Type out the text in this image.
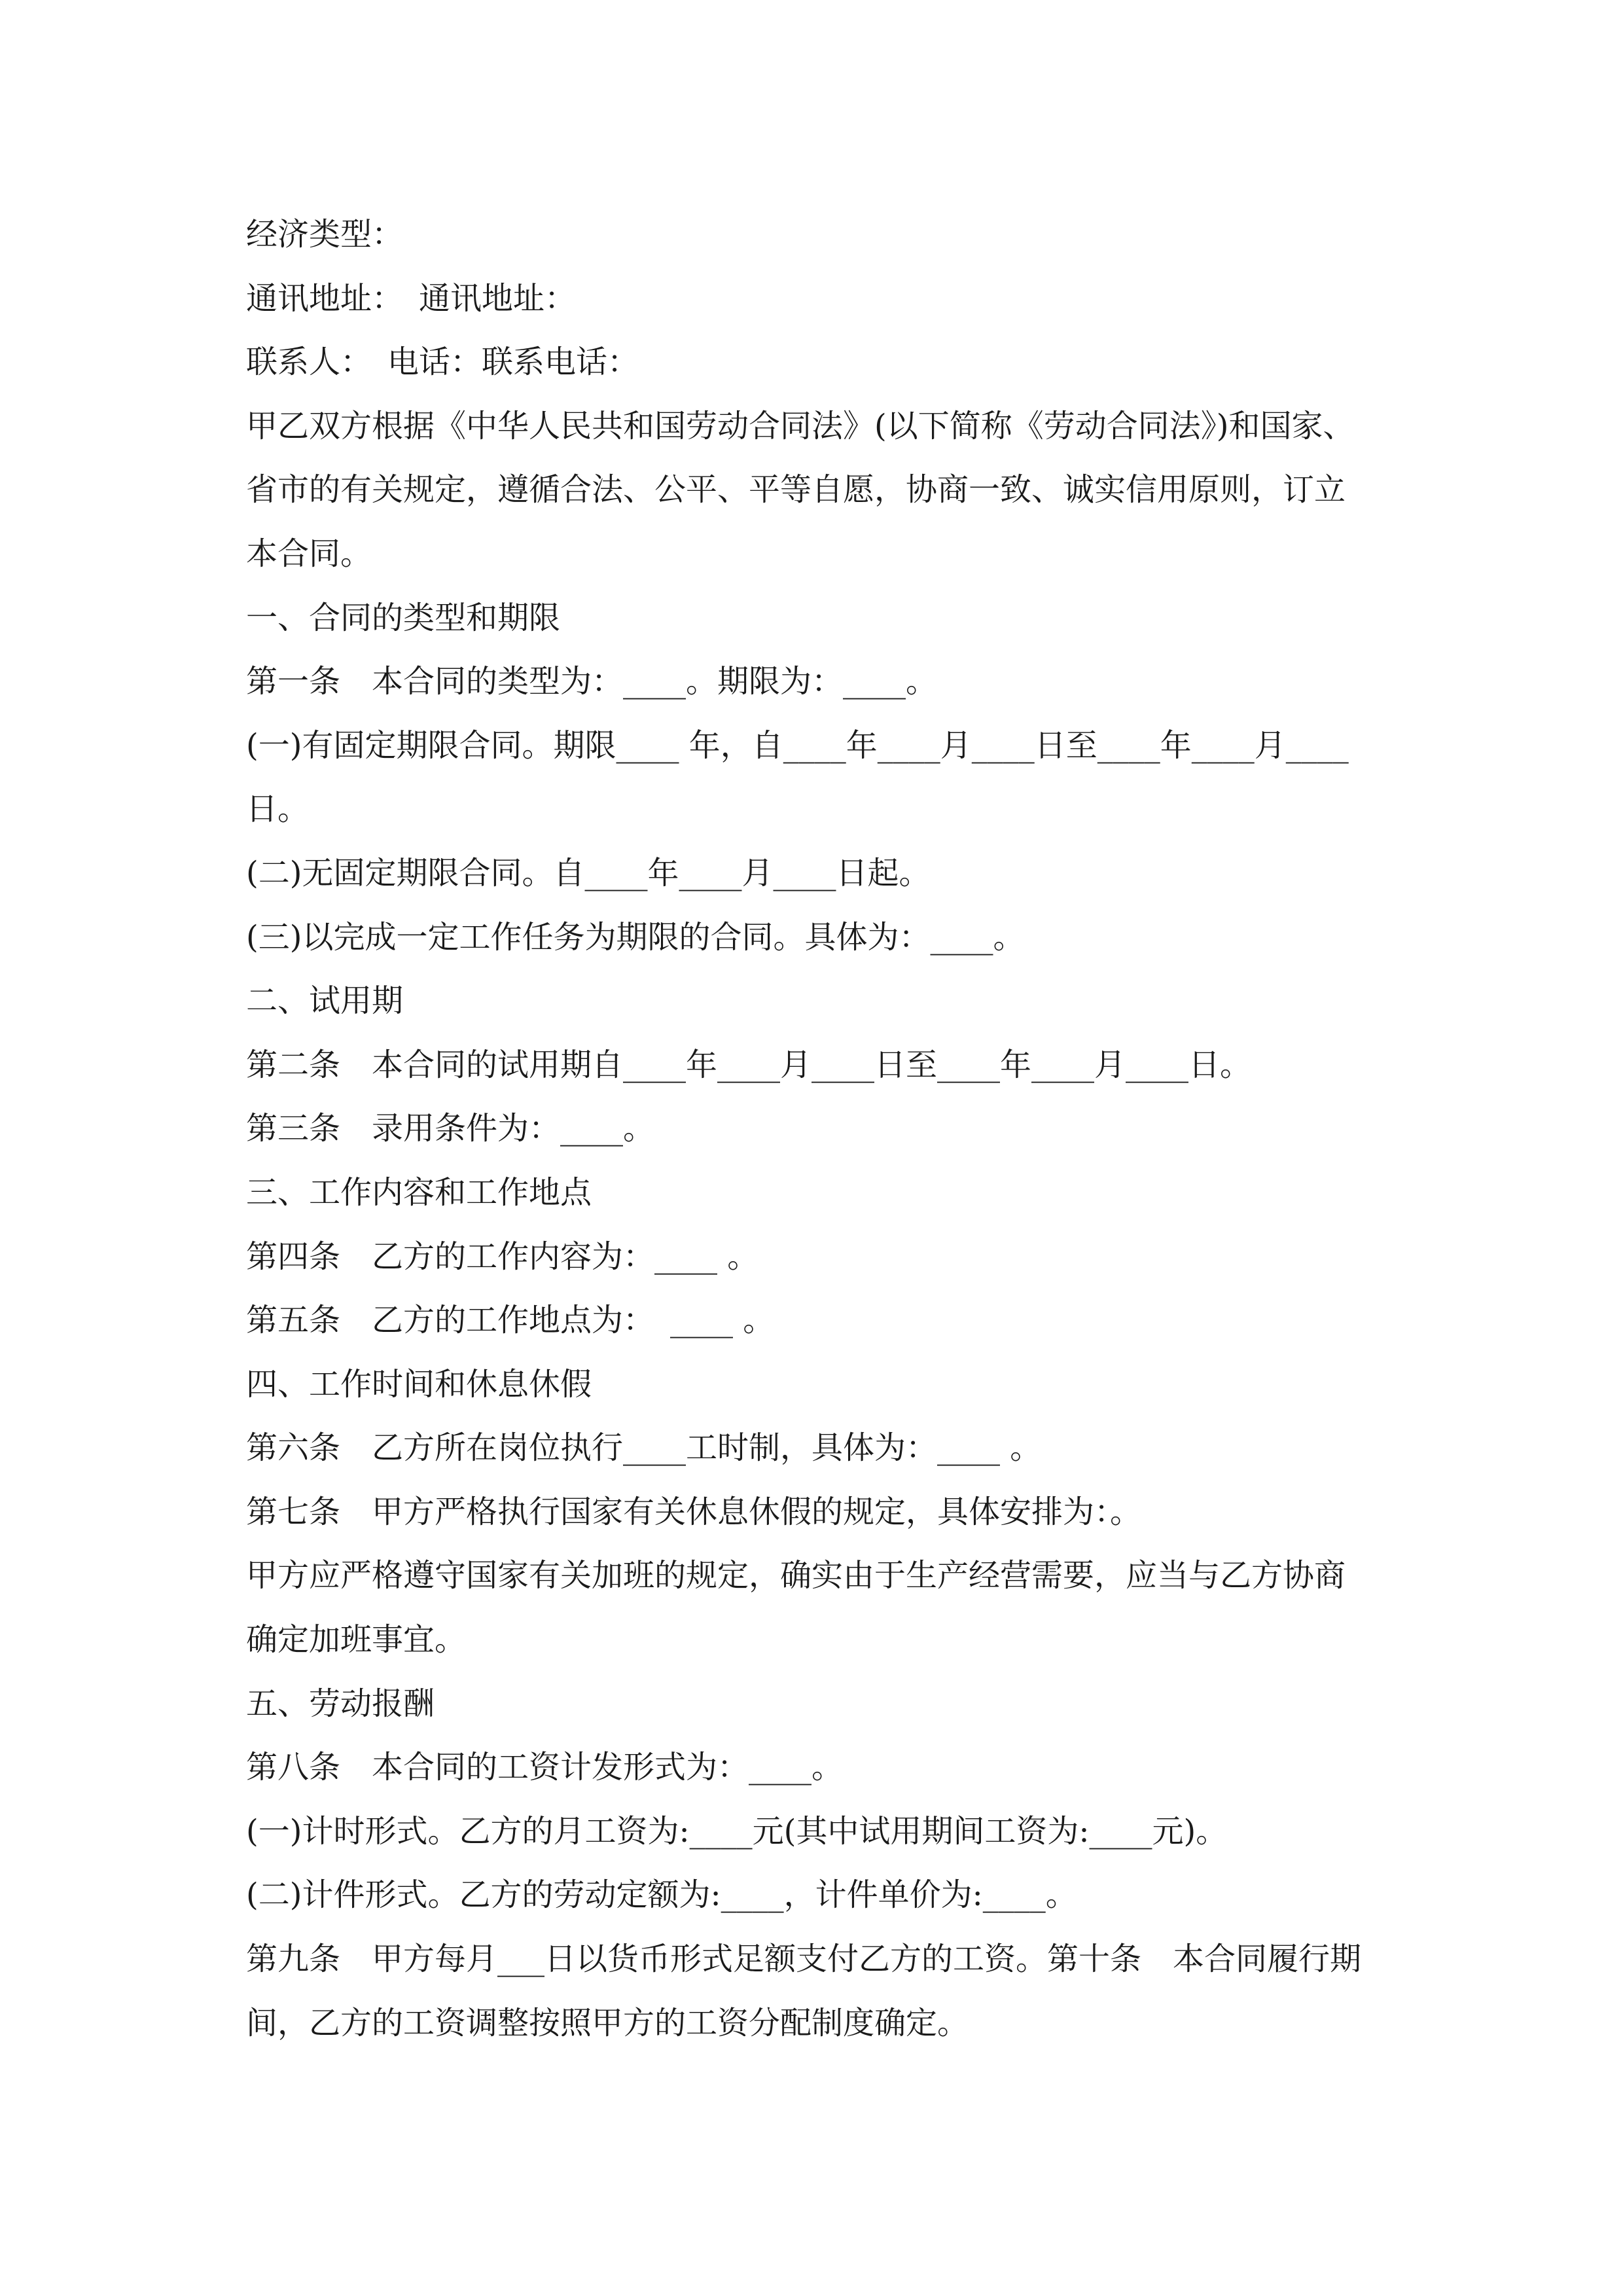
经济类型：

通讯地址：　通讯地址：

联系人：　电话：联系电话：

甲乙双方根据《中华人民共和国劳动合同法》(以下简称《劳动合同法》)和国家、

省市的有关规定，遵循合法、公平、平等自愿，协商一致、诚实信用原则，订立

本合同。

一、合同的类型和期限

第一条　本合同的类型为：____。期限为：____。

(一)有固定期限合同。期限____ 年，自____年____月____日至____年____月____

日。

(二)无固定期限合同。自____年____月____日起。

(三)以完成一定工作任务为期限的合同。具体为：____。

二、试用期

第二条　本合同的试用期自____年____月____日至____年____月____日。

第三条　录用条件为：____。

三、工作内容和工作地点

第四条　乙方的工作内容为：____ 。

第五条　乙方的工作地点为：　____ 。

四、工作时间和休息休假

第六条　乙方所在岗位执行____工时制，具体为：____ 。

第七条　甲方严格执行国家有关休息休假的规定，具体安排为：。

甲方应严格遵守国家有关加班的规定，确实由于生产经营需要，应当与乙方协商

确定加班事宜。

五、劳动报酬

第八条　本合同的工资计发形式为：____。

(一)计时形式。乙方的月工资为:____元(其中试用期间工资为:____元)。

(二)计件形式。乙方的劳动定额为:____，计件单价为:____。

第九条　甲方每月___日以货币形式足额支付乙方的工资。第十条　本合同履行期

间，乙方的工资调整按照甲方的工资分配制度确定。
